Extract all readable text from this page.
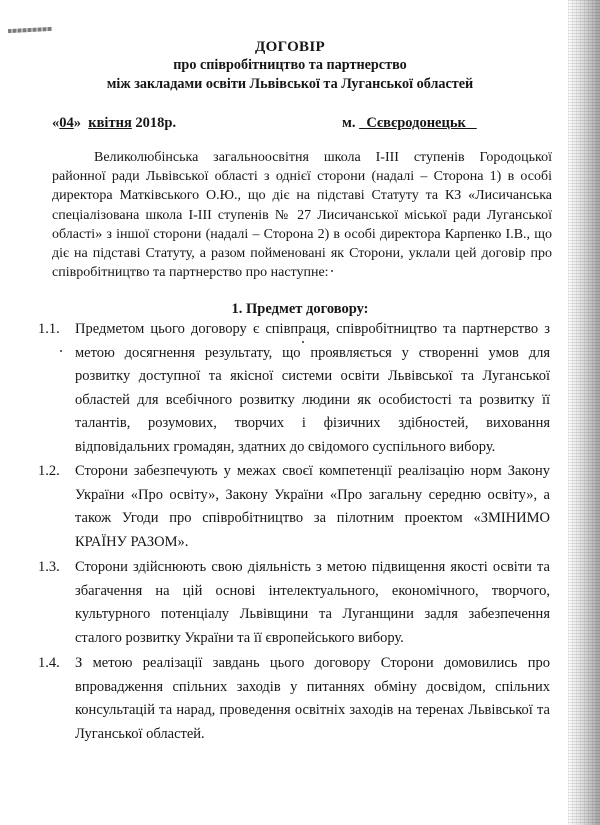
ДОГОВІР
про співробітництво та партнерство
між закладами освіти Львівської та Луганської областей
«04» квітня 2018р.	м. Сєвєродонецьк
Великолюбінська загальноосвітня школа І-ІІІ ступенів Городоцької районної ради Львівської області з однієї сторони (надалі – Сторона 1) в особі директора Матківського О.Ю., що діє на підставі Статуту та КЗ «Лисичанська спеціалізована школа І-ІІІ ступенів № 27 Лисичанської міської ради Луганської області» з іншої сторони (надалі – Сторона 2) в особі директора Карпенко І.В., що діє на підставі Статуту, а разом пойменовані як Сторони, уклали цей договір про співробітництво та партнерство про наступне:
1. Предмет договору:
1.1.	Предметом цього договору є співпраця, співробітництво та партнерство з метою досягнення результату, що проявляється у створенні умов для розвитку доступної та якісної системи освіти Львівської та Луганської областей для всебічного розвитку людини як особистості та розвитку її талантів, розумових, творчих і фізичних здібностей, виховання відповідальних громадян, здатних до свідомого суспільного вибору.
1.2.	Сторони забезпечують у межах своєї компетенції реалізацію норм Закону України «Про освіту», Закону України «Про загальну середню освіту», а також Угоди про співробітництво за пілотним проектом «ЗМІНИМО КРАЇНУ РАЗОМ».
1.3.	Сторони здійснюють свою діяльність з метою підвищення якості освіти та збагачення на цій основі інтелектуального, економічного, творчого, культурного потенціалу Львівщини та Луганщини задля забезпечення сталого розвитку України та її європейського вибору.
1.4.	З метою реалізації завдань цього договору Сторони домовились про впровадження спільних заходів у питаннях обміну досвідом, спільних консультацій та нарад, проведення освітніх заходів на теренах Львівської та Луганської областей.
